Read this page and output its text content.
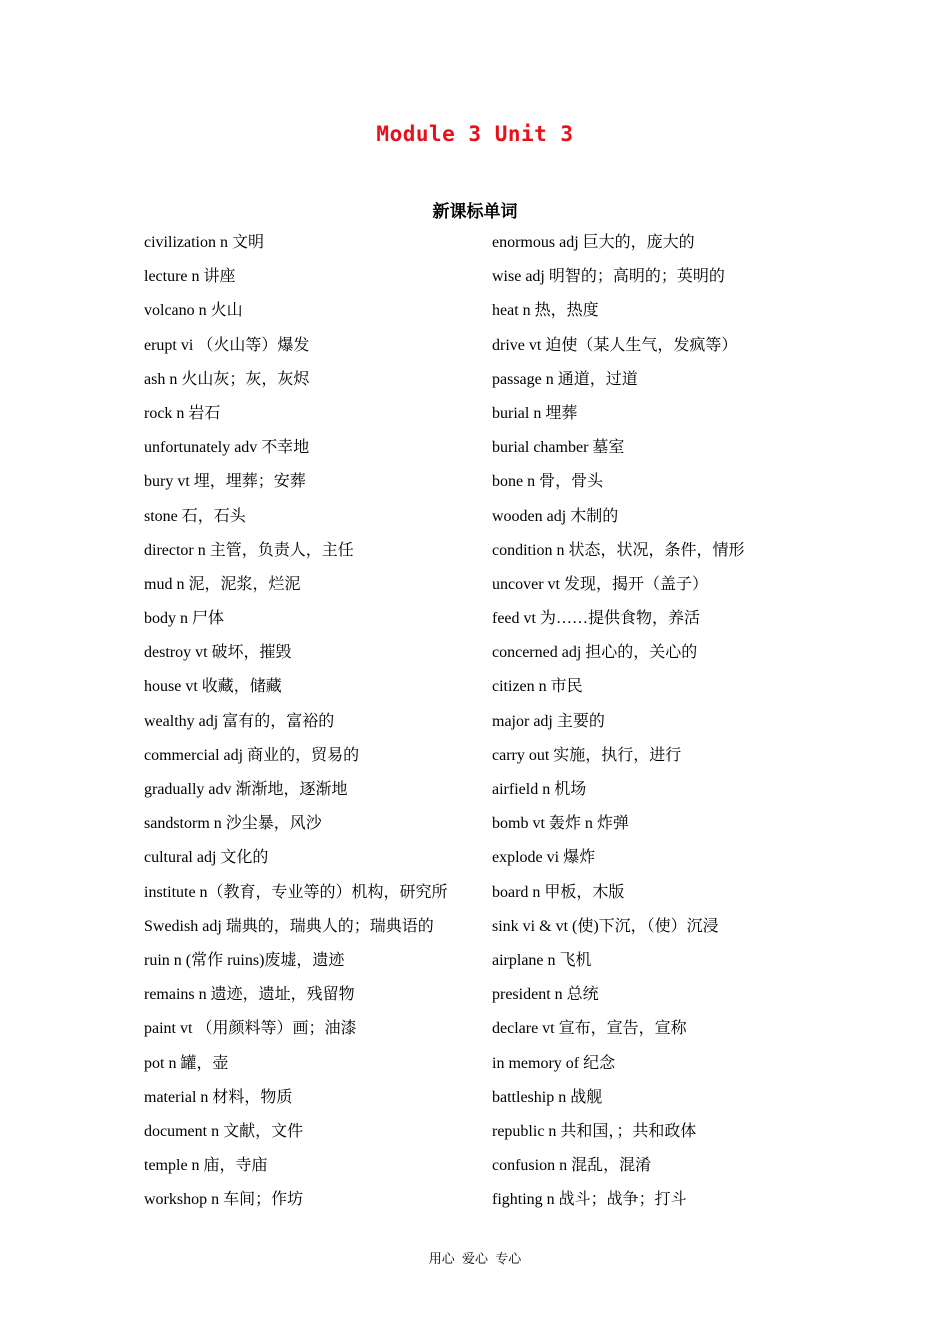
Module 3 Unit 3
新课标单词
civilization n 文明
lecture n 讲座
volcano n 火山
erupt vi （火山等）爆发
ash n 火山灰；灰，灰烬
rock n 岩石
unfortunately adv 不幸地
bury vt 埋，埋葬；安葬
stone 石，石头
director n 主管，负责人，主任
mud n 泥，泥浆，烂泥
body n 尸体
destroy vt 破坏，摧毁
house vt 收藏，储藏
wealthy adj 富有的，富裕的
commercial adj 商业的，贸易的
gradually adv 渐渐地，逐渐地
sandstorm n 沙尘暴，风沙
cultural adj 文化的
institute n（教育，专业等的）机构，研究所
Swedish adj 瑞典的，瑞典人的；瑞典语的
ruin n (常作 ruins)废墟，遗迹
remains n 遗迹，遗址，残留物
paint vt （用颜料等）画；油漆
pot n 罐，壶
material n 材料，物质
document n 文献，文件
temple n 庙，寺庙
workshop n 车间；作坊
enormous adj 巨大的，庞大的
wise adj 明智的；高明的；英明的
heat n 热，热度
drive vt 迫使（某人生气，发疯等）
passage n 通道，过道
burial n 埋葬
burial chamber 墓室
bone n 骨，骨头
wooden adj 木制的
condition n 状态，状况，条件，情形
uncover vt 发现，揭开（盖子）
feed vt 为……提供食物，养活
concerned adj 担心的，关心的
citizen n 市民
major adj 主要的
carry out 实施，执行，进行
airfield n 机场
bomb vt 轰炸 n 炸弹
explode vi 爆炸
board n 甲板，木版
sink vi & vt (使)下沉，（使）沉浸
airplane n 飞机
president n 总统
declare vt 宣布，宣告，宣称
in memory of 纪念
battleship n 战舰
republic n 共和国，；共和政体
confusion n 混乱，混淆
fighting n 战斗；战争；打斗
用心 爱心 专心
